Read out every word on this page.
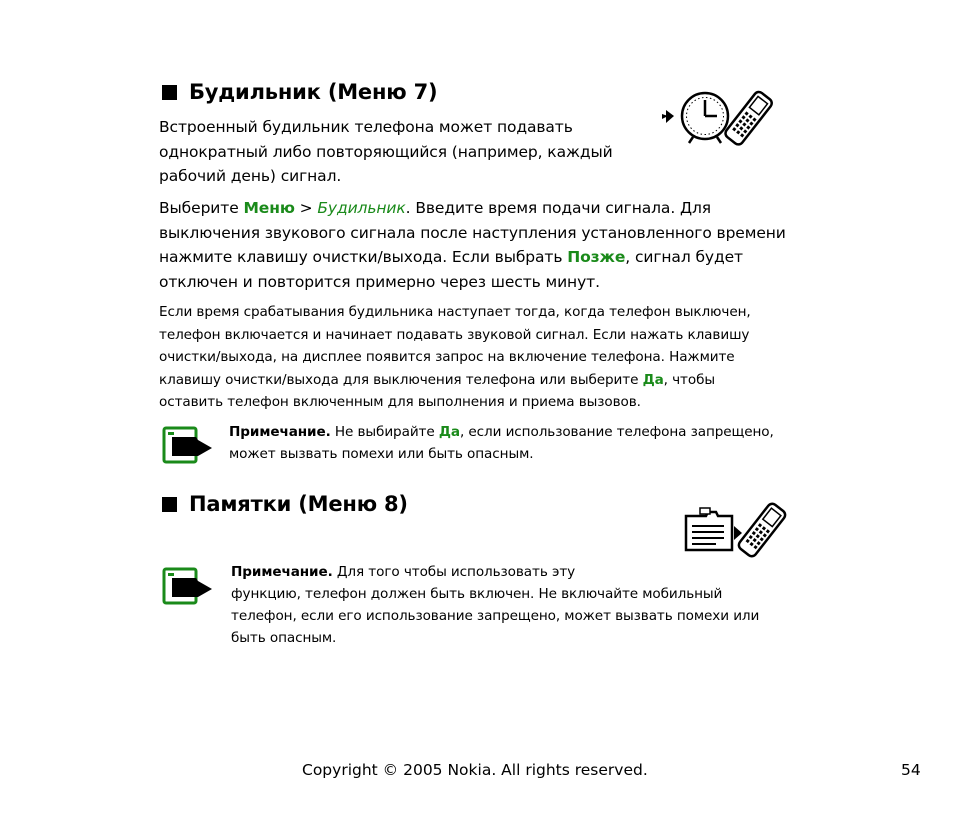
Будильник (Меню 7)
Встроенный будильник телефона может подавать
однократный либо повторяющийся (например, каждый
рабочий день) сигнал.
Выберите Меню > Будильник. Введите время подачи сигнала. Для
выключения звукового сигнала после наступления установленного времени
нажмите клавишу очистки/выхода. Если выбрать Позже, сигнал будет
отключен и повторится примерно через шесть минут.
Если время срабатывания будильника наступает тогда, когда телефон выключен,
телефон включается и начинает подавать звуковой сигнал. Если нажать клавишу
очистки/выхода, на дисплее появится запрос на включение телефона. Нажмите
клавишу очистки/выхода для выключения телефона или выберите Да, чтобы
оставить телефон включенным для выполнения и приема вызовов.
Примечание. Не выбирайте Да, если использование телефона запрещено,
может вызвать помехи или быть опасным.
Памятки (Меню 8)
Примечание. Для того чтобы использовать эту
функцию, телефон должен быть включен. Не включайте мобильный
телефон, если его использование запрещено, может вызвать помехи или
быть опасным.
Copyright © 2005 Nokia. All rights reserved.	54
